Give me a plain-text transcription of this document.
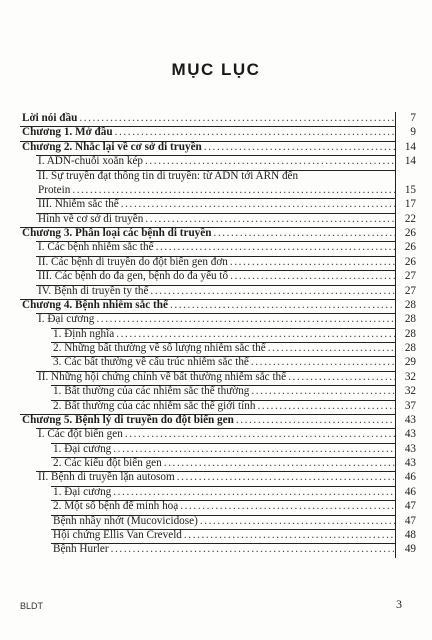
MỤC LỤC
Lời nói đầu .....	7
Chương 1. Mở đầu .....	9
Chương 2. Nhắc lại về cơ sở di truyền .....	14
I. ADN-chuỗi xoắn kép .....	14
II. Sự truyền đạt thông tin di truyền: từ ADN tới ARN đến
Protein .....	15
III. Nhiễm sắc thể .....	17
Hình vẽ cơ sở di truyền .....	22
Chương 3. Phân loại các bệnh di truyền .....	26
I. Các bệnh nhiễm sắc thể .....	26
II. Các bệnh di truyền do đột biến gen đơn .....	26
III. Các bệnh do đa gen, bệnh do đa yếu tố .....	27
IV. Bệnh di truyền ty thể .....	27
Chương 4. Bệnh nhiễm sắc thể .....	28
I. Đại cương .....	28
1. Định nghĩa .....	28
2. Những bất thường về số lượng nhiễm sắc thể .....	28
3. Các bất thường về cấu trúc nhiễm sắc thể .....	29
II. Những hội chứng chính về bất thường nhiễm sắc thể .....	32
1. Bất thường của các nhiễm sắc thể thường .....	32
2. Bất thường của các nhiễm sắc thể giới tính .....	37
Chương 5. Bệnh lý di truyền do đột biến gen .....	43
I. Các đột biến gen .....	43
1. Đại cương .....	43
2. Các kiểu đột biến gen .....	43
II. Bệnh di truyền lặn autosom .....	46
1. Đại cương .....	46
2. Một số bệnh để minh hoạ .....	47
Bệnh nhầy nhớt (Mucovicidose) .....	47
Hội chứng Ellis Van Creveld .....	48
Bệnh Hurler .....	49
BLDT	3
